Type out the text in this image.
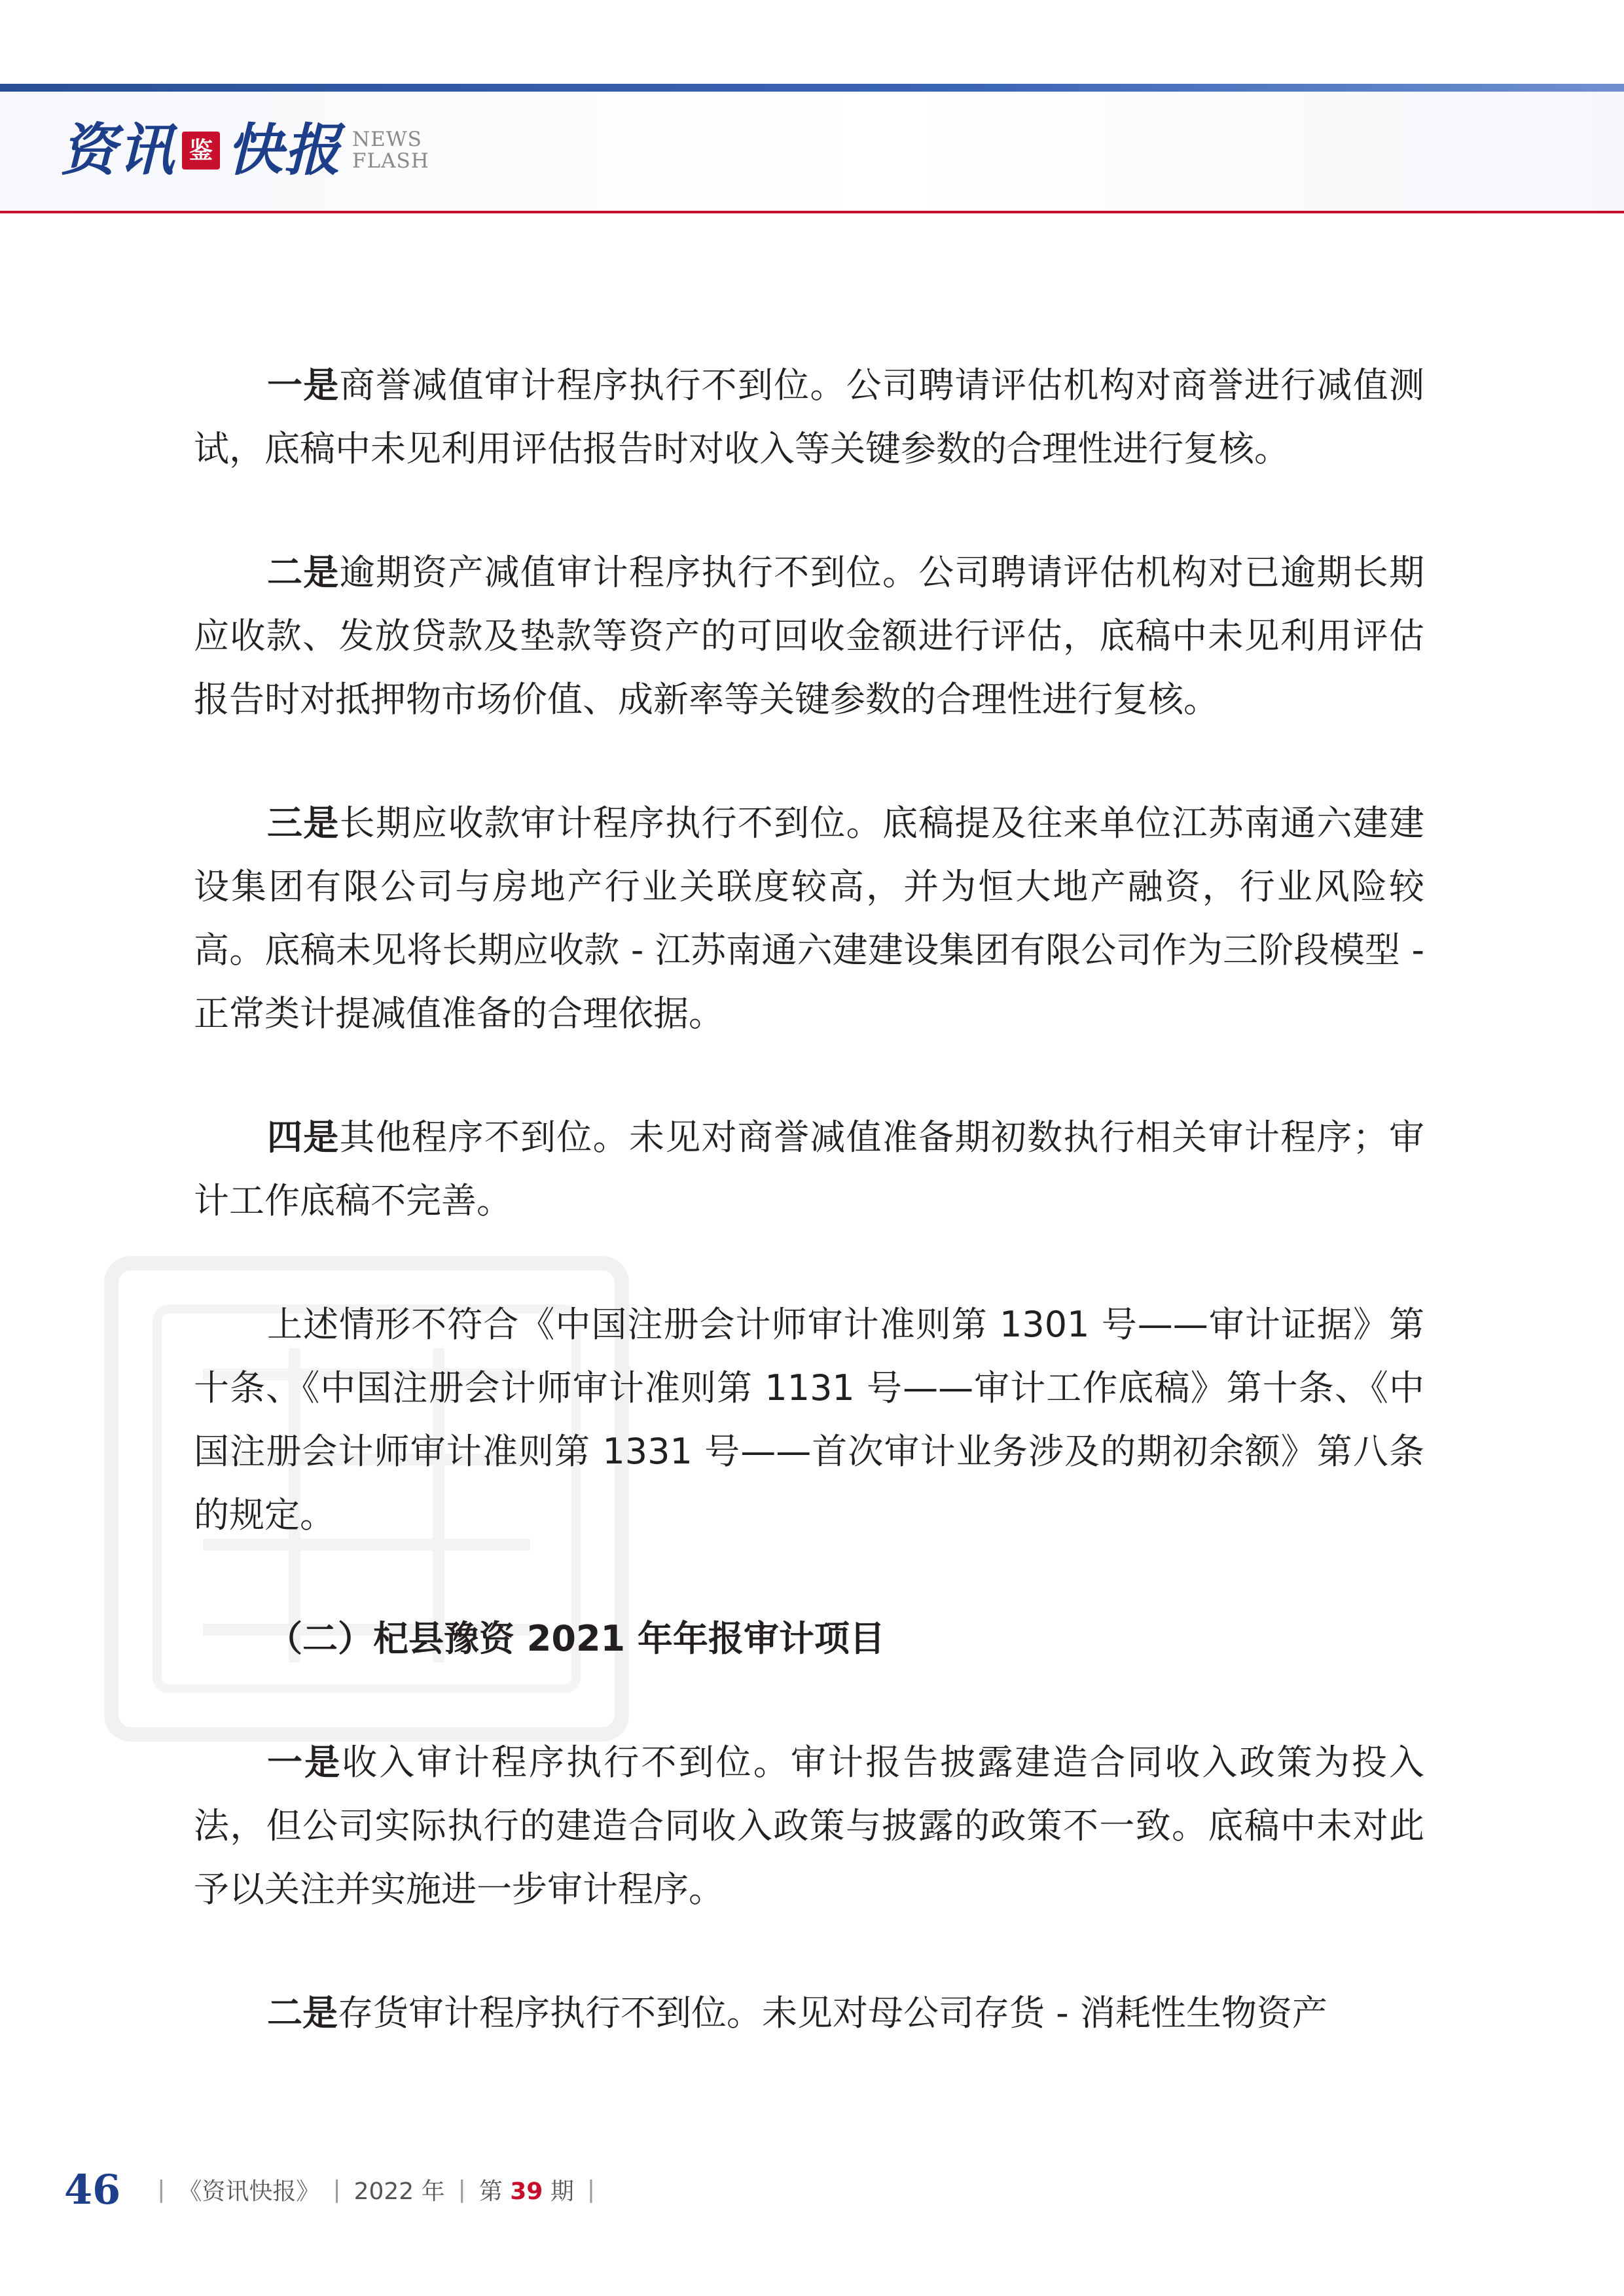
资讯 鉴 快报 NEWS
FLASH

一是商誉减值审计程序执行不到位。公司聘请评估机构对商誉进行减值测试，底稿中未见利用评估报告时对收入等关键参数的合理性进行复核。

二是逾期资产减值审计程序执行不到位。公司聘请评估机构对已逾期长期应收款、发放贷款及垫款等资产的可回收金额进行评估，底稿中未见利用评估报告时对抵押物市场价值、成新率等关键参数的合理性进行复核。

三是长期应收款审计程序执行不到位。底稿提及往来单位江苏南通六建建设集团有限公司与房地产行业关联度较高，并为恒大地产融资，行业风险较高。底稿未见将长期应收款 - 江苏南通六建建设集团有限公司作为三阶段模型 - 正常类计提减值准备的合理依据。

四是其他程序不到位。未见对商誉减值准备期初数执行相关审计程序；审计工作底稿不完善。

上述情形不符合《中国注册会计师审计准则第 1301 号——审计证据》第十条、《中国注册会计师审计准则第 1131 号——审计工作底稿》第十条、《中国注册会计师审计准则第 1331 号——首次审计业务涉及的期初余额》第八条的规定。

（二）杞县豫资 2021 年年报审计项目

一是收入审计程序执行不到位。审计报告披露建造合同收入政策为投入法，但公司实际执行的建造合同收入政策与披露的政策不一致。底稿中未对此予以关注并实施进一步审计程序。

二是存货审计程序执行不到位。未见对母公司存货 - 消耗性生物资产

46 | 《资讯快报》 | 2022 年 | 第 39 期 |
